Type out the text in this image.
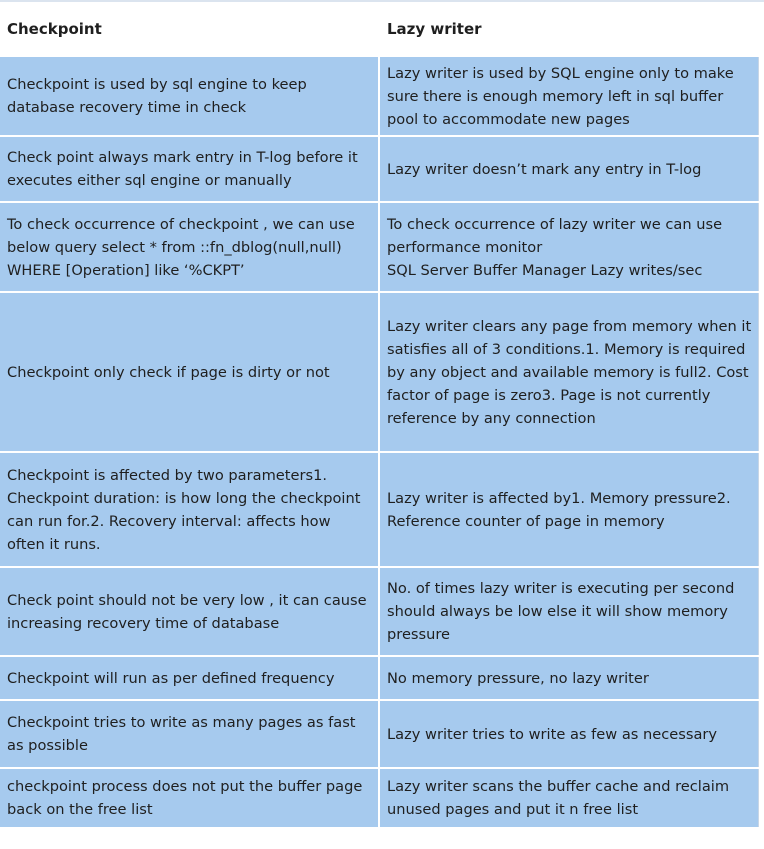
Checkpoint	Lazy writer
Checkpoint is used by sql engine to keep database recovery time in check
Lazy writer is used by SQL engine only to make sure there is enough memory left in sql buffer pool to accommodate new pages
Check point always mark entry in T-log before it executes either sql engine or manually
Lazy writer doesn’t mark any entry in T-log
To check occurrence of checkpoint , we can use below query select * from ::fn_dblog(null,null) WHERE [Operation] like ‘%CKPT’
To check occurrence of lazy writer we can use performance monitor
SQL Server Buffer Manager Lazy writes/sec
Checkpoint only check if page is dirty or not
Lazy writer clears any page from memory when it satisfies all of 3 conditions.1. Memory is required by any object and available memory is full2. Cost factor of page is zero3. Page is not currently reference by any connection
Checkpoint is affected by two parameters1. Checkpoint duration: is how long the checkpoint can run for.2. Recovery interval: affects how often it runs.
Lazy writer is affected by1. Memory pressure2. Reference counter of page in memory
Check point should not be very low , it can cause increasing recovery time of database
No. of times lazy writer is executing per second should always be low else it will show memory pressure
Checkpoint will run as per defined frequency	No memory pressure, no lazy writer
Checkpoint tries to write as many pages as fast as possible
Lazy writer tries to write as few as necessary
checkpoint process does not put the buffer page back on the free list
Lazy writer scans the buffer cache and reclaim unused pages and put it n free list
